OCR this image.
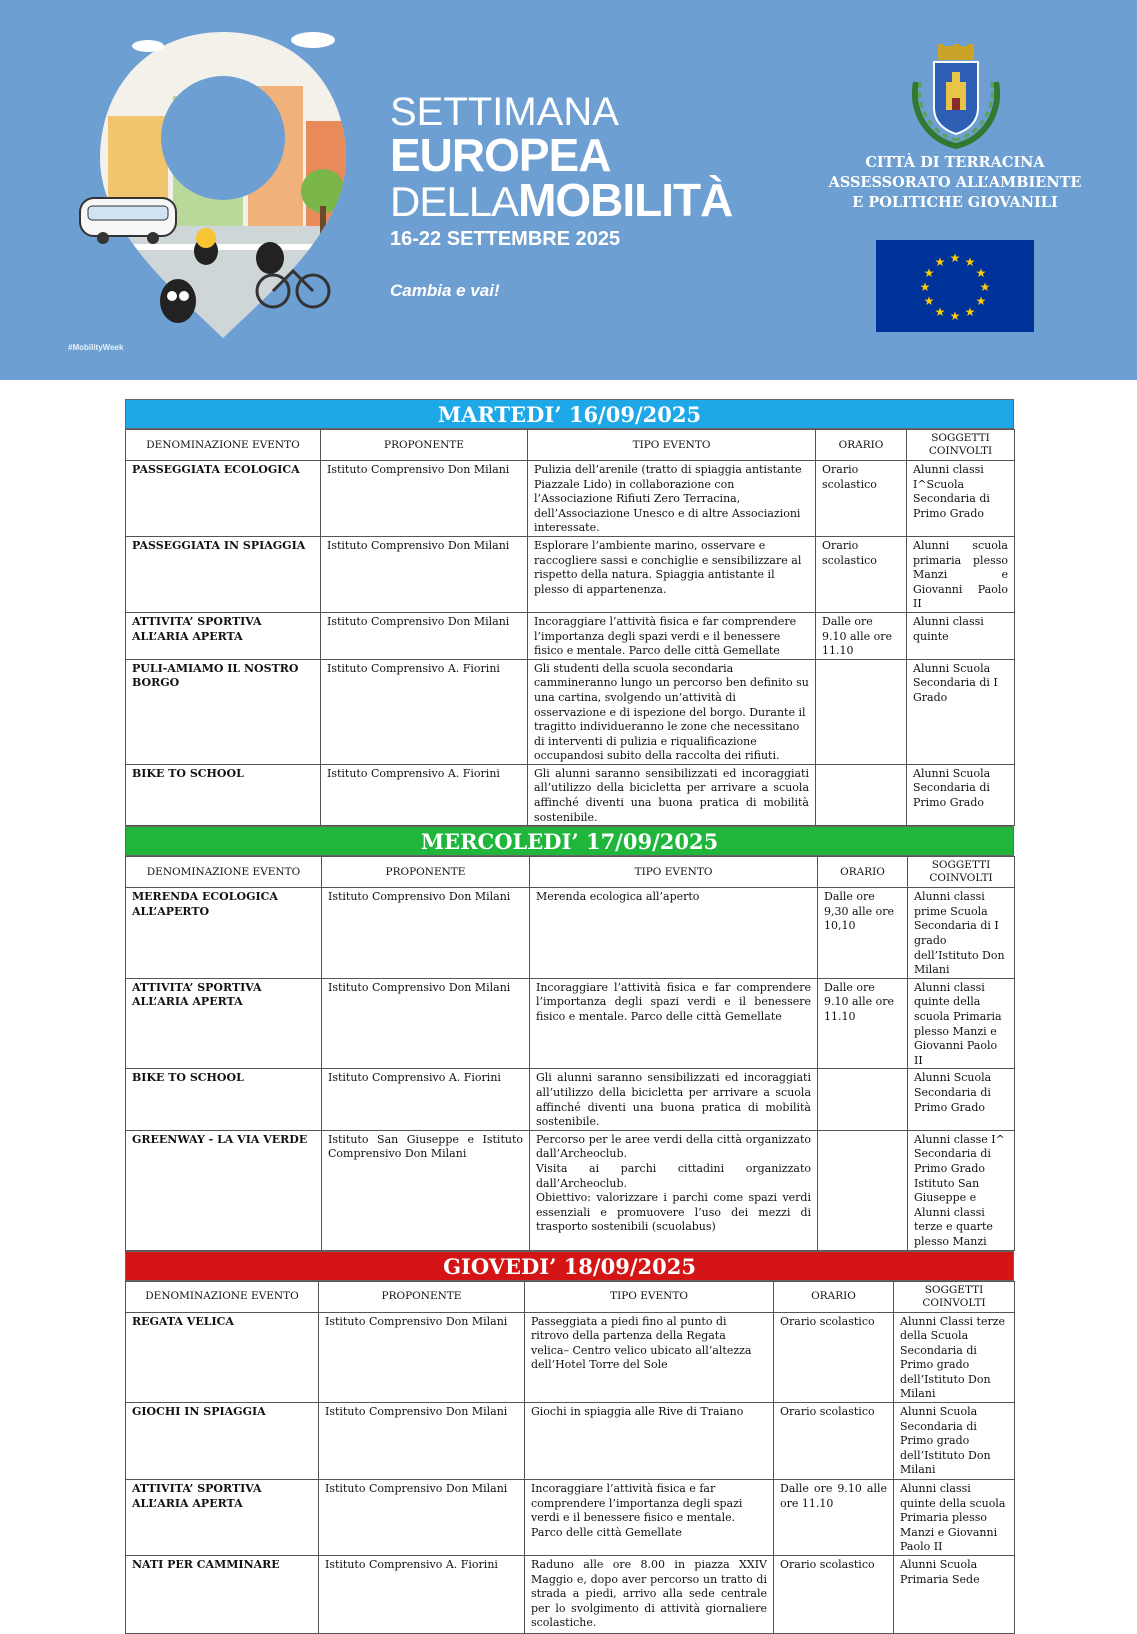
#MobilityWeek
SETTIMANA
EUROPEA
DELLAMOBILITÀ
16-22 SETTEMBRE 2025
Cambia e vai!
CITTÀ DI TERRACINA
ASSESSORATO ALL’AMBIENTE
E POLITICHE GIOVANILI
★ ★
★
★
★
★
★
★
★
★
★
★
MARTEDI’ 16/09/2025
DENOMINAZIONE EVENTO	PROPONENTE	TIPO EVENTO	ORARIO	SOGGETTI COINVOLTI
PASSEGGIATA ECOLOGICA	Istituto Comprensivo Don Milani	Pulizia dell’arenile (tratto di spiaggia antistante Piazzale Lido) in collaborazione con l’Associazione Rifiuti Zero Terracina, dell’Associazione Unesco e di altre Associazioni interessate.	Orario scolastico	Alunni classi I^Scuola Secondaria di Primo Grado
PASSEGGIATA IN SPIAGGIA	Istituto Comprensivo Don Milani	Esplorare l’ambiente marino, osservare e raccogliere sassi e conchiglie e sensibilizzare al rispetto della natura. Spiaggia antistante il plesso di appartenenza.	Orario scolastico	Alunni scuola primaria plesso Manzi e Giovanni Paolo II
ATTIVITA’ SPORTIVA ALL’ARIA APERTA	Istituto Comprensivo Don Milani	Incoraggiare l’attività fisica e far comprendere l’importanza degli spazi verdi e il benessere fisico e mentale. Parco delle città Gemellate	Dalle ore 9.10 alle ore 11.10	Alunni classi quinte
PULI-AMIAMO IL NOSTRO BORGO	Istituto Comprensivo A. Fiorini	Gli studenti della scuola secondaria cammineranno lungo un percorso ben definito su una cartina, svolgendo un’attività di osservazione e di ispezione del borgo. Durante il tragitto individueranno le zone che necessitano di interventi di pulizia e riqualificazione occupandosi subito della raccolta dei rifiuti.		Alunni Scuola Secondaria di I Grado
BIKE TO SCHOOL	Istituto Comprensivo A. Fiorini	Gli alunni saranno sensibilizzati ed incoraggiati all’utilizzo della bicicletta per arrivare a scuola affinché diventi una buona pratica di mobilità sostenibile.		Alunni Scuola Secondaria di Primo Grado
MERCOLEDI’ 17/09/2025
DENOMINAZIONE EVENTO	PROPONENTE	TIPO EVENTO	ORARIO	SOGGETTI COINVOLTI
MERENDA ECOLOGICA ALL’APERTO	Istituto Comprensivo Don Milani	Merenda ecologica all’aperto	Dalle ore 9,30 alle ore 10,10	Alunni classi prime Scuola Secondaria di I grado dell’Istituto Don Milani
ATTIVITA’ SPORTIVA ALL’ARIA APERTA	Istituto Comprensivo Don Milani	Incoraggiare l’attività fisica e far comprendere l’importanza degli spazi verdi e il benessere fisico e mentale. Parco delle città Gemellate	Dalle ore 9.10 alle ore 11.10	Alunni classi quinte della scuola Primaria plesso Manzi e Giovanni Paolo II
BIKE TO SCHOOL	Istituto Comprensivo A. Fiorini	Gli alunni saranno sensibilizzati ed incoraggiati all’utilizzo della bicicletta per arrivare a scuola affinché diventi una buona pratica di mobilità sostenibile.		Alunni Scuola Secondaria di Primo Grado
GREENWAY - LA VIA VERDE	Istituto San Giuseppe e Istituto Comprensivo Don Milani	Percorso per le aree verdi della città organizzato dall’Archeoclub.
Visita ai parchi cittadini organizzato dall’Archeoclub.
Obiettivo: valorizzare i parchi come spazi verdi essenziali e promuovere l’uso dei mezzi di trasporto sostenibili (scuolabus)		Alunni classe I^ Secondaria di Primo Grado Istituto San Giuseppe e Alunni classi terze e quarte plesso Manzi
GIOVEDI’ 18/09/2025
DENOMINAZIONE EVENTO	PROPONENTE	TIPO EVENTO	ORARIO	SOGGETTI COINVOLTI
REGATA VELICA	Istituto Comprensivo Don Milani	Passeggiata a piedi fino al punto di ritrovo della partenza della Regata velica– Centro velico ubicato all’altezza dell’Hotel Torre del Sole	Orario scolastico	Alunni Classi terze della Scuola Secondaria di Primo grado dell’Istituto Don Milani
GIOCHI IN SPIAGGIA	Istituto Comprensivo Don Milani	Giochi in spiaggia alle Rive di Traiano	Orario scolastico	Alunni Scuola Secondaria di Primo grado dell’Istituto Don Milani
ATTIVITA’ SPORTIVA ALL’ARIA APERTA	Istituto Comprensivo Don Milani	Incoraggiare l’attività fisica e far comprendere l’importanza degli spazi verdi e il benessere fisico e mentale. Parco delle città Gemellate	Dalle ore 9.10 alle ore 11.10	Alunni classi quinte della scuola Primaria plesso Manzi e Giovanni Paolo II
NATI PER CAMMINARE	Istituto Comprensivo A. Fiorini	Raduno alle ore 8.00 in piazza XXIV Maggio e, dopo aver percorso un tratto di strada a piedi, arrivo alla sede centrale per lo svolgimento di attività giornaliere scolastiche.	Orario scolastico	Alunni Scuola Primaria Sede
